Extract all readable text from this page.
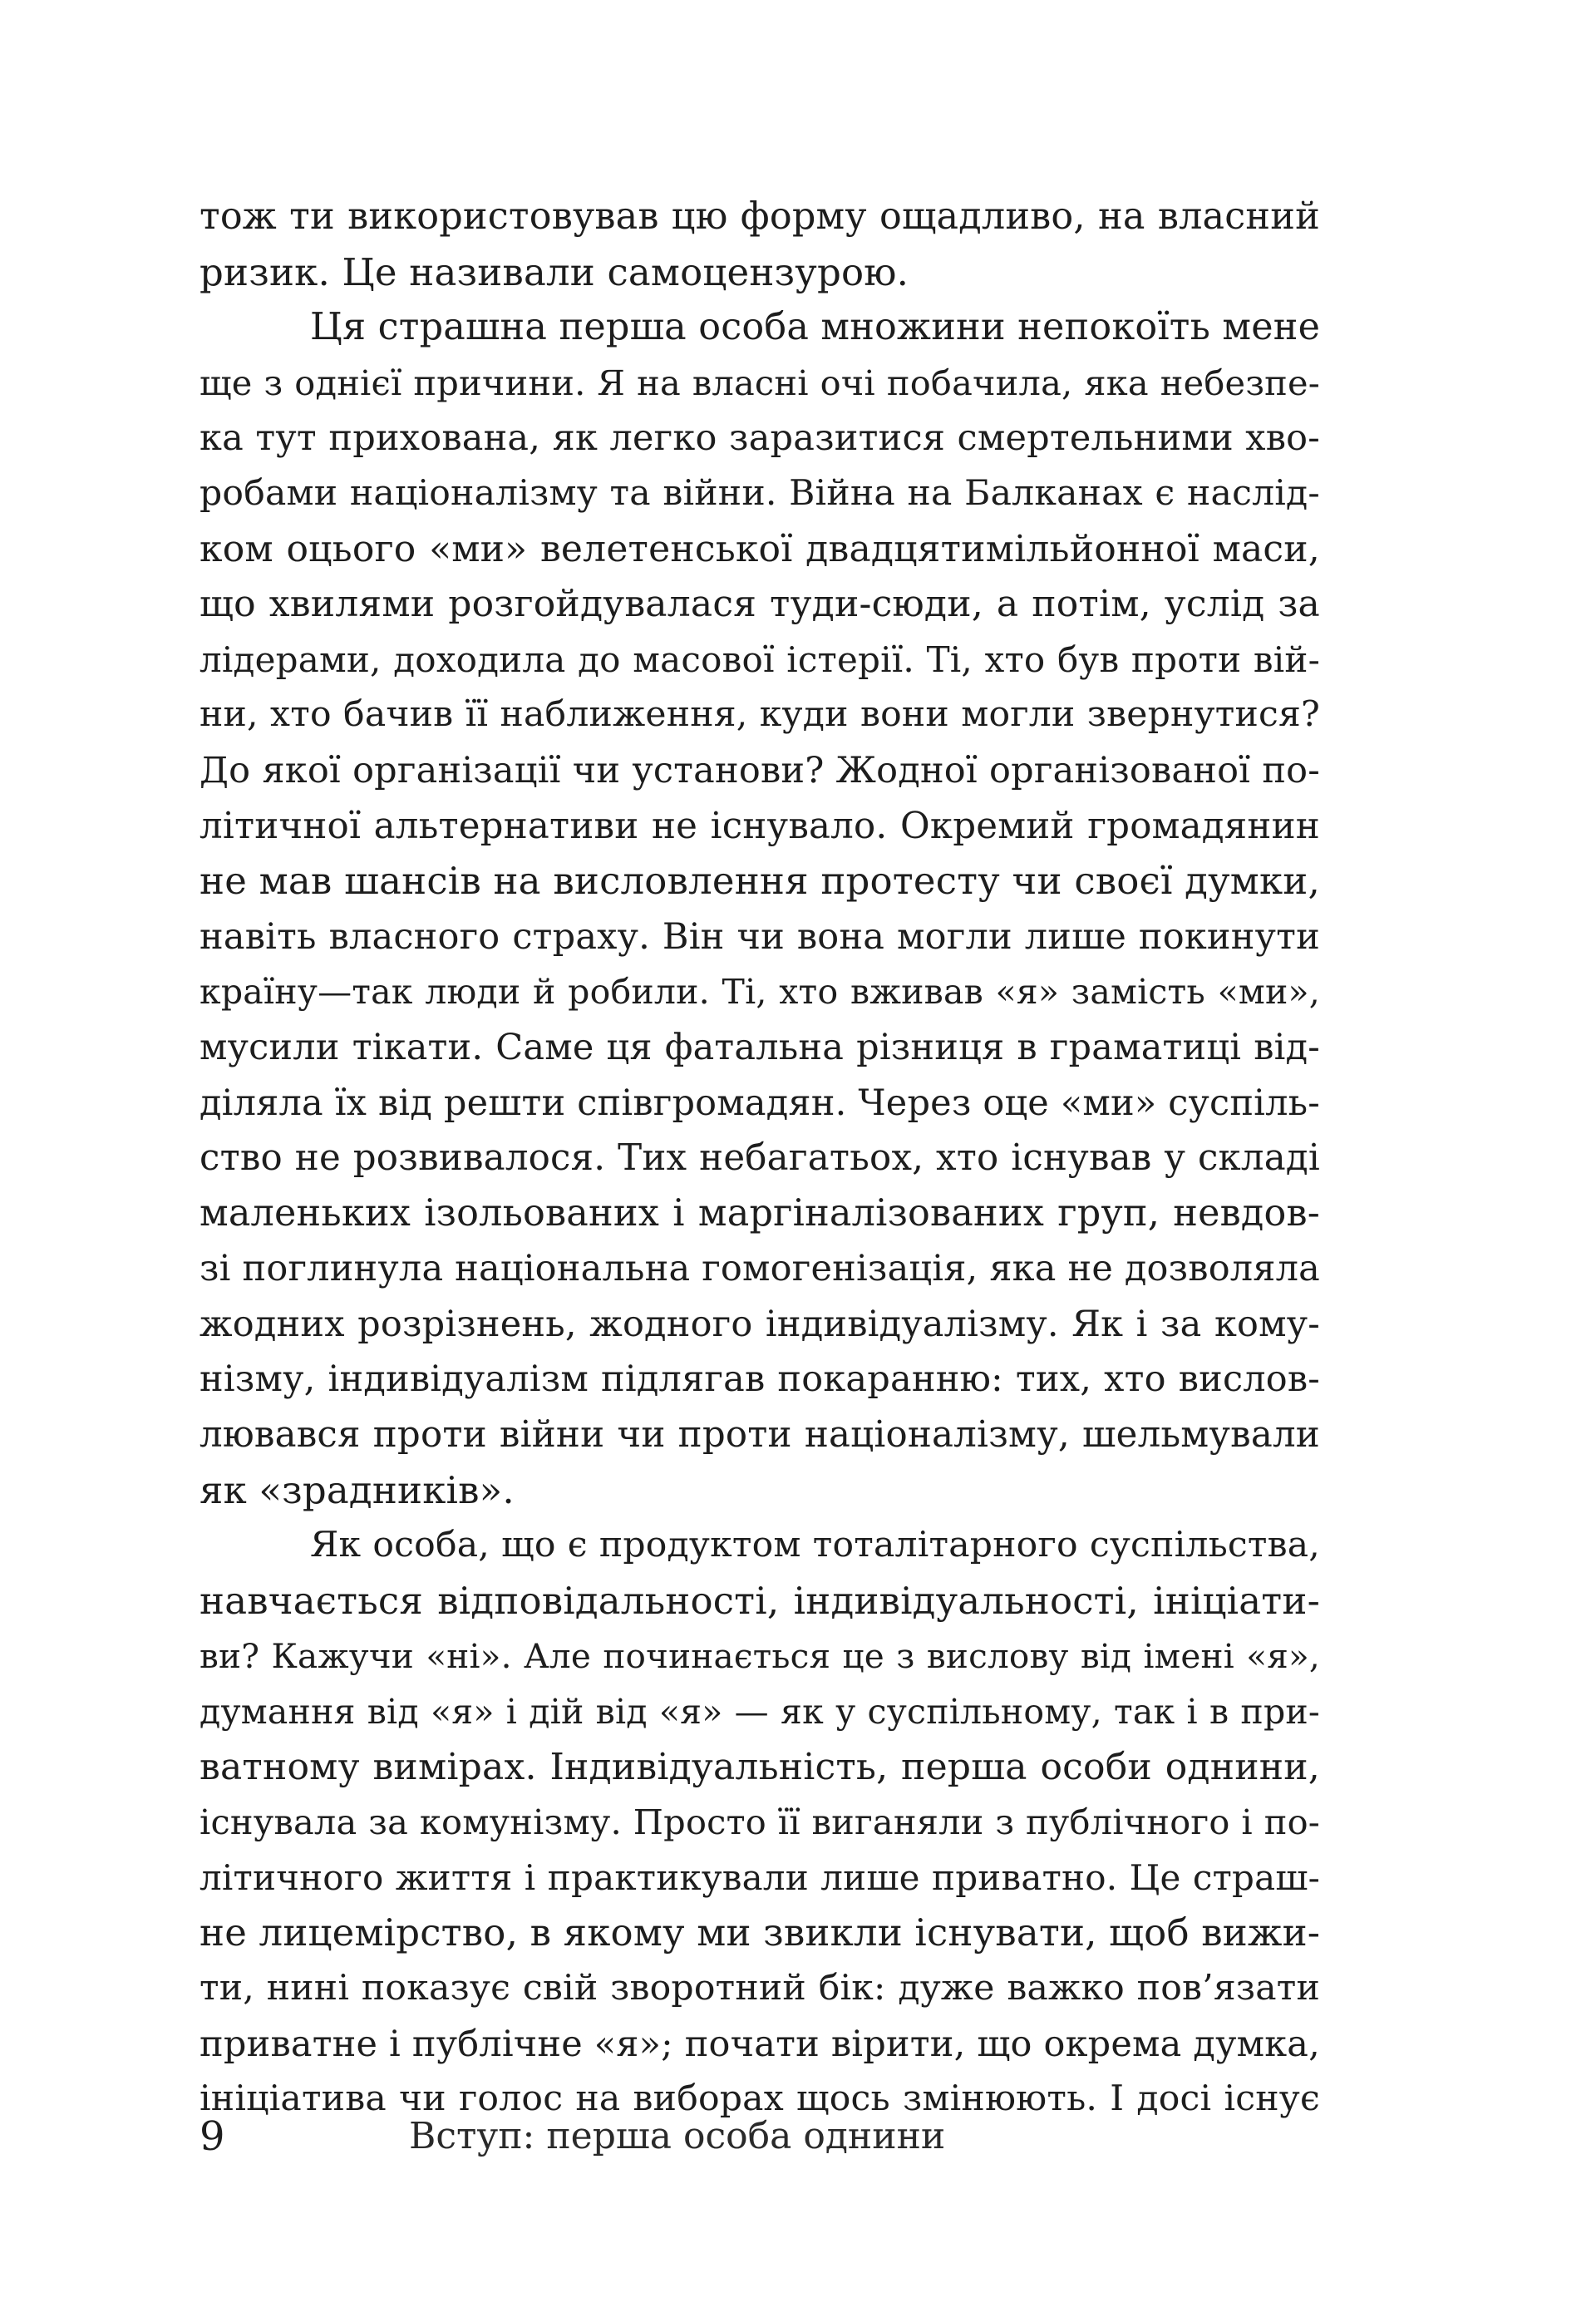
тож ти використовував цю форму ощадливо, на власний
ризик. Це називали самоцензурою.
Ця страшна перша особа множини непокоїть мене
ще з однієї причини. Я на власні очі побачила, яка небезпе-
ка тут прихована, як легко заразитися смертельними хво-
робами націоналізму та війни. Війна на Балканах є наслід-
ком оцього «ми» велетенської двадцятимільйонної маси,
що хвилями розгойдувалася туди-сюди, а потім, услід за
лідерами, доходила до масової істерії. Ті, хто був проти вій-
ни, хто бачив її наближення, куди вони могли звернутися?
До якої організації чи установи? Жодної організованої по-
літичної альтернативи не існувало. Окремий громадянин
не мав шансів на висловлення протесту чи своєї думки,
навіть власного страху. Він чи вона могли лише покинути
країну—так люди й робили. Ті, хто вживав «я» замість «ми»,
мусили тікати. Саме ця фатальна різниця в граматиці від-
діляла їх від решти співгромадян. Через оце «ми» суспіль-
ство не розвивалося. Тих небагатьох, хто існував у складі
маленьких ізольованих і маргіналізованих груп, невдов-
зі поглинула національна гомогенізація, яка не дозволяла
жодних розрізнень, жодного індивідуалізму. Як і за кому-
нізму, індивідуалізм підлягав покаранню: тих, хто вислов-
лювався проти війни чи проти націоналізму, шельмували
як «зрадників».
Як особа, що є продуктом тоталітарного суспільства,
навчається відповідальності, індивідуальності, ініціати-
ви? Кажучи «ні». Але починається це з вислову від імені «я»,
думання від «я» і дій від «я» — як у суспільному, так і в при-
ватному вимірах. Індивідуальність, перша особи однини,
існувала за комунізму. Просто її виганяли з публічного і по-
літичного життя і практикували лише приватно. Це страш-
не лицемірство, в якому ми звикли існувати, щоб вижи-
ти, нині показує свій зворотний бік: дуже важко пов’язати
приватне і публічне «я»; почати вірити, що окрема думка,
ініціатива чи голос на виборах щось змінюють. І досі існує
9	Вступ: перша особа однини
